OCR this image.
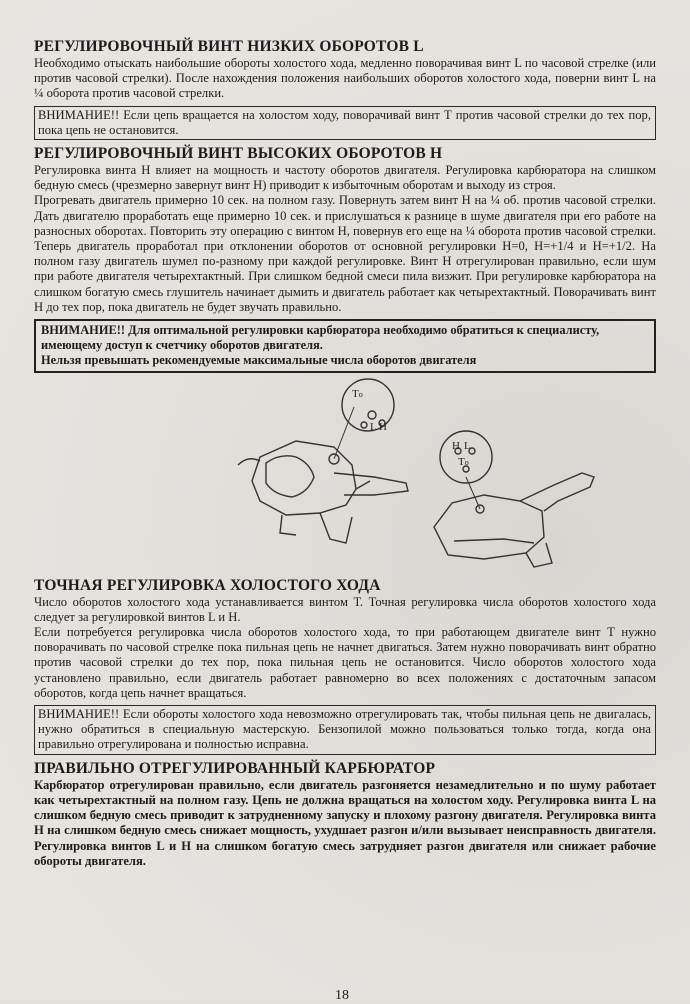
РЕГУЛИРОВОЧНЫЙ ВИНТ НИЗКИХ ОБОРОТОВ L

Необходимо отыскать наибольшие обороты холостого хода, медленно поворачивая винт L по часовой стрелке (или против часовой стрелки). После нахождения положения наибольших оборотов холостого хода, поверни винт L на ¼ оборота против часовой стрелки.

ВНИМАНИЕ!! Если цепь вращается на холостом ходу, поворачивай винт Т против часовой стрелки до тех пор, пока цепь не остановится.
РЕГУЛИРОВОЧНЫЙ ВИНТ ВЫСОКИХ ОБОРОТОВ Н

Регулировка винта Н влияет на мощность и частоту оборотов двигателя. Регулировка карбюратора на слишком бедную смесь (чрезмерно завернут винт Н) приводит к избыточным оборотам и выходу из строя.

Прогревать двигатель примерно 10 сек. на полном газу. Повернуть затем винт Н на ¼ об. против часовой стрелки. Дать двигателю проработать еще примерно 10 сек. и прислушаться к разнице в шуме двигателя при его работе на разносных оборотах. Повторить эту операцию с винтом Н, повернув его еще на ¼ оборота против часовой стрелки. Теперь двигатель проработал при отклонении оборотов от основной регулировки Н=0, Н=+1/4 и Н=+1/2. На полном газу двигатель шумел по-разному при каждой регулировке. Винт Н отрегулирован правильно, если шум при работе двигателя четырехтактный. При слишком бедной смеси пила визжит. При регулировке карбюратора на слишком богатую смесь глушитель начинает дымить и двигатель работает как четырехтактный. Поворачивать винт Н до тех пор, пока двигатель не будет звучать правильно.

ВНИМАНИЕ!! Для оптимальной регулировки карбюратора необходимо обратиться к специалисту, имеющему доступ к счетчику оборотов двигателя.
Нельзя превышать рекомендуемые максимальные числа оборотов двигателя
То
L Н
Н L
То
ТОЧНАЯ РЕГУЛИРОВКА ХОЛОСТОГО ХОДА

Число оборотов холостого хода устанавливается винтом Т. Точная регулировка числа оборотов холостого хода следует за регулировкой винтов L и Н.

Если потребуется регулировка числа оборотов холостого хода, то при работающем двигателе винт Т нужно поворачивать по часовой стрелке пока пильная цепь не начнет двигаться. Затем нужно поворачивать винт обратно против часовой стрелки до тех пор, пока пильная цепь не остановится. Число оборотов холостого хода установлено правильно, если двигатель работает равномерно во всех положениях с достаточным запасом оборотов, когда цепь начнет вращаться.

ВНИМАНИЕ!! Если обороты холостого хода невозможно отрегулировать так, чтобы пильная цепь не двигалась, нужно обратиться в специальную мастерскую. Бензопилой можно пользоваться только тогда, когда она правильно отрегулирована и полностью исправна.
ПРАВИЛЬНО ОТРЕГУЛИРОВАННЫЙ КАРБЮРАТОР

Карбюратор отрегулирован правильно, если двигатель разгоняется незамедлительно и по шуму работает как четырехтактный на полном газу. Цепь не должна вращаться на холостом ходу. Регулировка винта L на слишком бедную смесь приводит к затрудненному запуску и плохому разгону двигателя. Регулировка винта Н на слишком бедную смесь снижает мощность, ухудшает разгон и/или вызывает неисправность двигателя. Регулировка винтов L и Н на слишком богатую смесь затрудняет разгон двигателя или снижает рабочие обороты двигателя.

18
